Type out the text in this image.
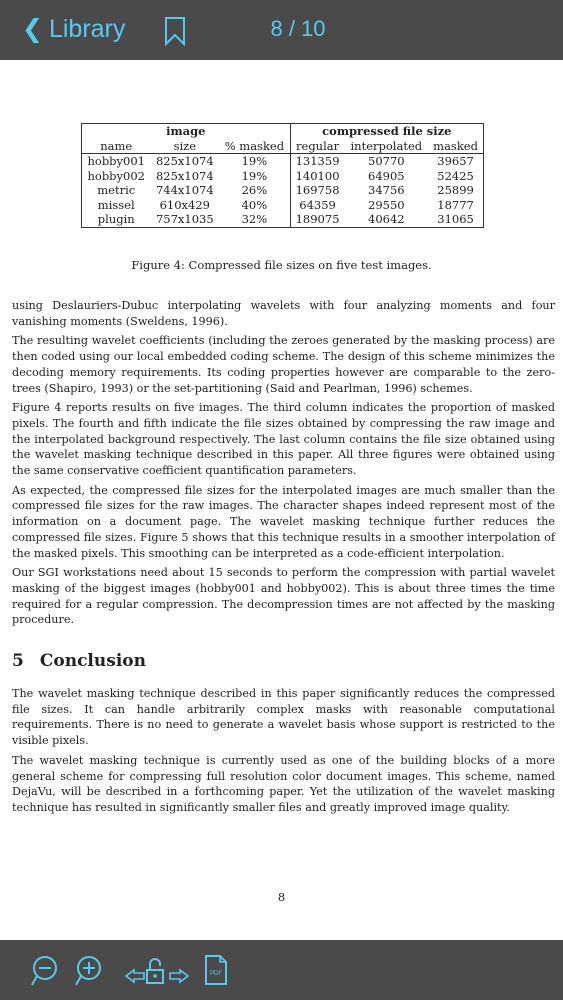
❮ Library	8 / 10
image			compressed file size		
name	size	% masked	regular	interpolated	masked
hobby001	825x1074	19%	131359	50770	39657
hobby002	825x1074	19%	140100	64905	52425
metric	744x1074	26%	169758	34756	25899
missel	610x429	40%	64359	29550	18777
plugin	757x1035	32%	189075	40642	31065
Figure 4: Compressed file sizes on five test images.

using Deslauriers-Dubuc interpolating wavelets with four analyzing moments and four vanishing moments (Sweldens, 1996).

The resulting wavelet coefficients (including the zeroes generated by the masking process) are then coded using our local embedded coding scheme. The design of this scheme minimizes the decoding memory requirements. Its coding properties however are comparable to the zero-trees (Shapiro, 1993) or the set-partitioning (Said and Pearlman, 1996) schemes.

Figure 4 reports results on five images. The third column indicates the proportion of masked pixels. The fourth and fifth indicate the file sizes obtained by compressing the raw image and the interpolated background respectively. The last column contains the file size obtained using the wavelet masking technique described in this paper. All three figures were obtained using the same conservative coefficient quantification parameters.

As expected, the compressed file sizes for the interpolated images are much smaller than the compressed file sizes for the raw images. The character shapes indeed represent most of the information on a document page. The wavelet masking technique further reduces the compressed file sizes. Figure 5 shows that this technique results in a smoother interpolation of the masked pixels. This smoothing can be interpreted as a code-efficient interpolation.

Our SGI workstations need about 15 seconds to perform the compression with partial wavelet masking of the biggest images (hobby001 and hobby002). This is about three times the time required for a regular compression. The decompression times are not affected by the masking procedure.

5 Conclusion

The wavelet masking technique described in this paper significantly reduces the compressed file sizes. It can handle arbitrarily complex masks with reasonable computational requirements. There is no need to generate a wavelet basis whose support is restricted to the visible pixels.

The wavelet masking technique is currently used as one of the building blocks of a more general scheme for compressing full resolution color document images. This scheme, named DejaVu, will be described in a forthcoming paper. Yet the utilization of the wavelet masking technique has resulted in significantly smaller files and greatly improved image quality.

8
PDF
